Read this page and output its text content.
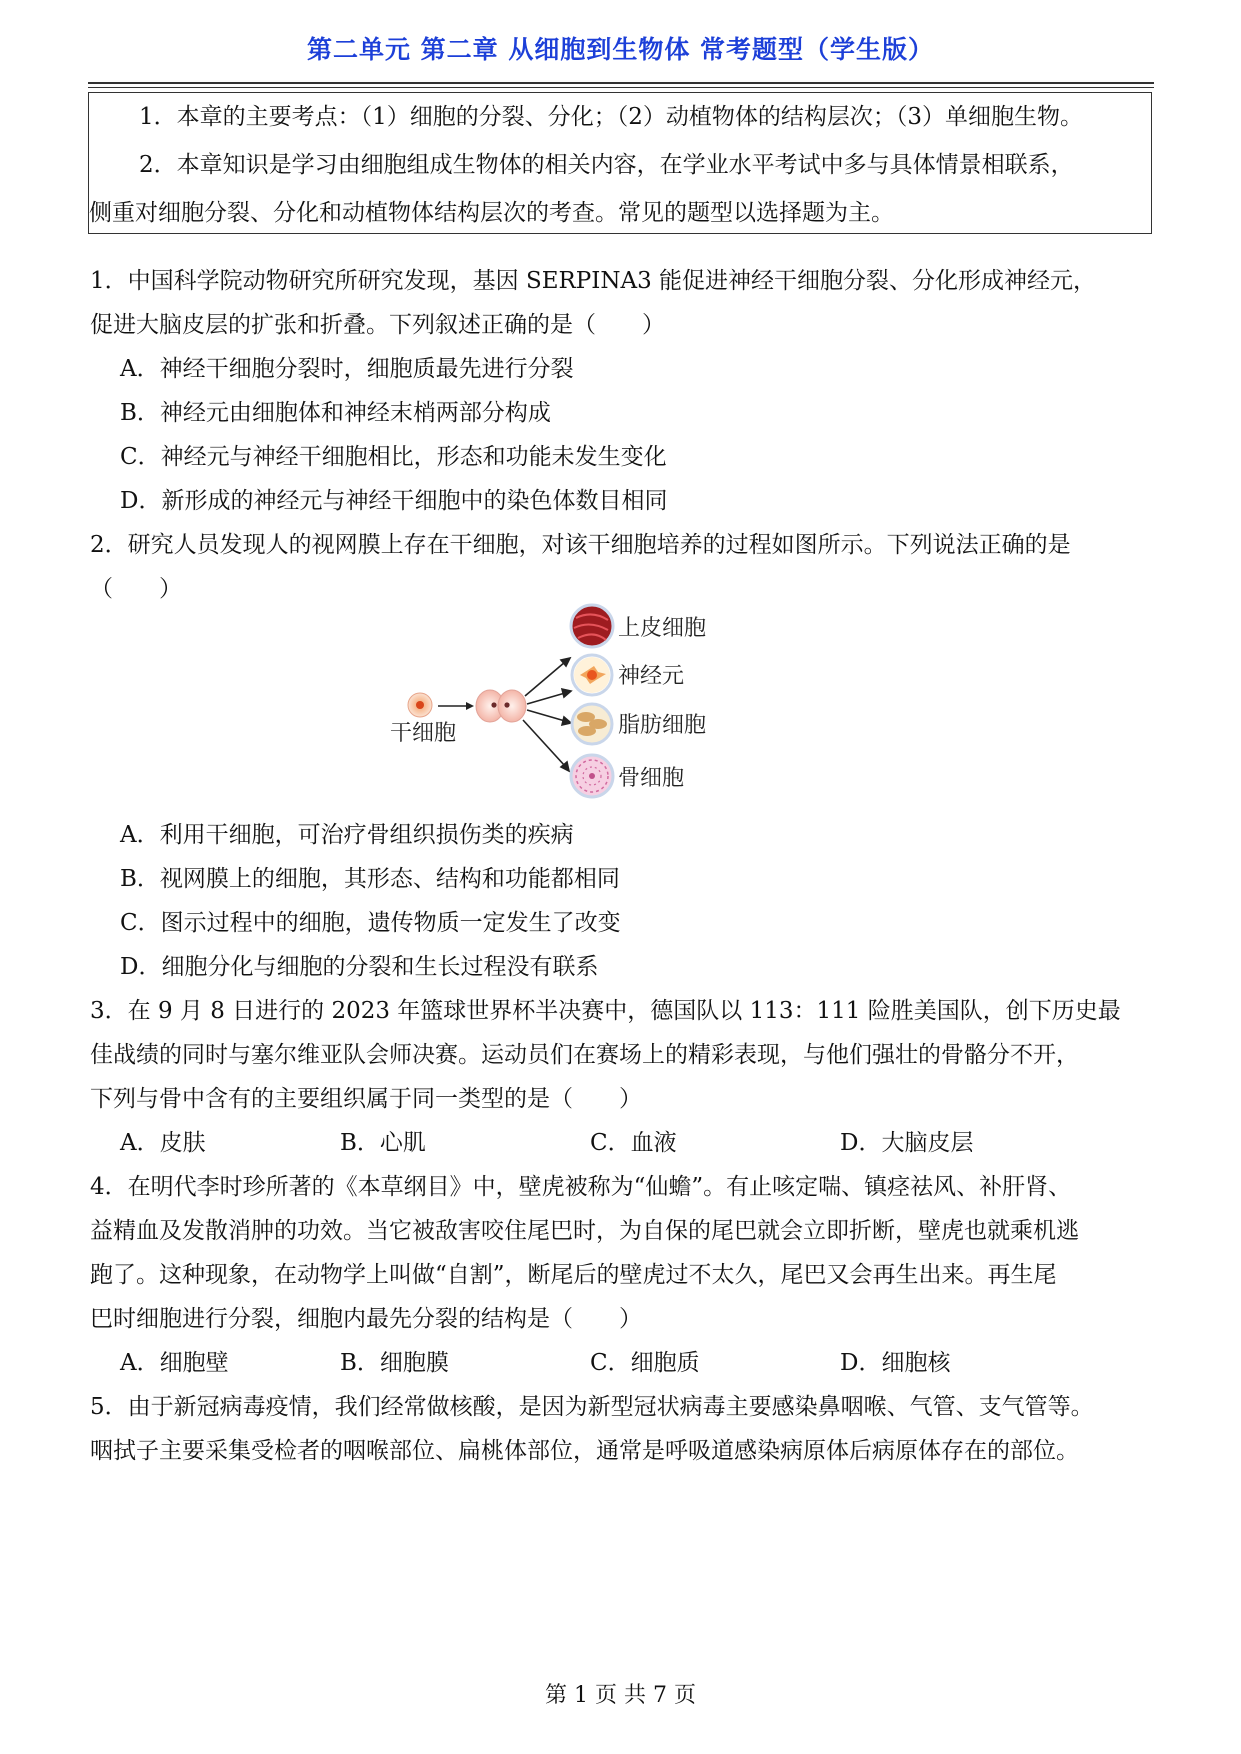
第二单元 第二章 从细胞到生物体 常考题型（学生版）

1．本章的主要考点：（1）细胞的分裂、分化；（2）动植物体的结构层次；（3）单细胞生物。

2．本章知识是学习由细胞组成生物体的相关内容，在学业水平考试中多与具体情景相联系，

侧重对细胞分裂、分化和动植物体结构层次的考查。常见的题型以选择题为主。

1．中国科学院动物研究所研究发现，基因 SERPINA3 能促进神经干细胞分裂、分化形成神经元，
促进大脑皮层的扩张和折叠。下列叙述正确的是（　　）
A．神经干细胞分裂时，细胞质最先进行分裂
B．神经元由细胞体和神经末梢两部分构成
C．神经元与神经干细胞相比，形态和功能未发生变化
D．新形成的神经元与神经干细胞中的染色体数目相同
2．研究人员发现人的视网膜上存在干细胞，对该干细胞培养的过程如图所示。下列说法正确的是
（　　）
干细胞
上皮细胞
神经元
脂肪细胞
骨细胞
A．利用干细胞，可治疗骨组织损伤类的疾病
B．视网膜上的细胞，其形态、结构和功能都相同
C．图示过程中的细胞，遗传物质一定发生了改变
D．细胞分化与细胞的分裂和生长过程没有联系
3．在 9 月 8 日进行的 2023 年篮球世界杯半决赛中，德国队以 113：111 险胜美国队，创下历史最
佳战绩的同时与塞尔维亚队会师决赛。运动员们在赛场上的精彩表现，与他们强壮的骨骼分不开，
下列与骨中含有的主要组织属于同一类型的是（　　）
A．皮肤	B．心肌	C．血液	D．大脑皮层
4．在明代李时珍所著的《本草纲目》中，壁虎被称为“仙蟾”。有止咳定喘、镇痉祛风、补肝肾、
益精血及发散消肿的功效。当它被敌害咬住尾巴时，为自保的尾巴就会立即折断，壁虎也就乘机逃
跑了。这种现象，在动物学上叫做“自割”，断尾后的壁虎过不太久，尾巴又会再生出来。再生尾
巴时细胞进行分裂，细胞内最先分裂的结构是（　　）
A．细胞壁	B．细胞膜	C．细胞质	D．细胞核
5．由于新冠病毒疫情，我们经常做核酸，是因为新型冠状病毒主要感染鼻咽喉、气管、支气管等。
咽拭子主要采集受检者的咽喉部位、扁桃体部位，通常是呼吸道感染病原体后病原体存在的部位。
第 1 页 共 7 页
